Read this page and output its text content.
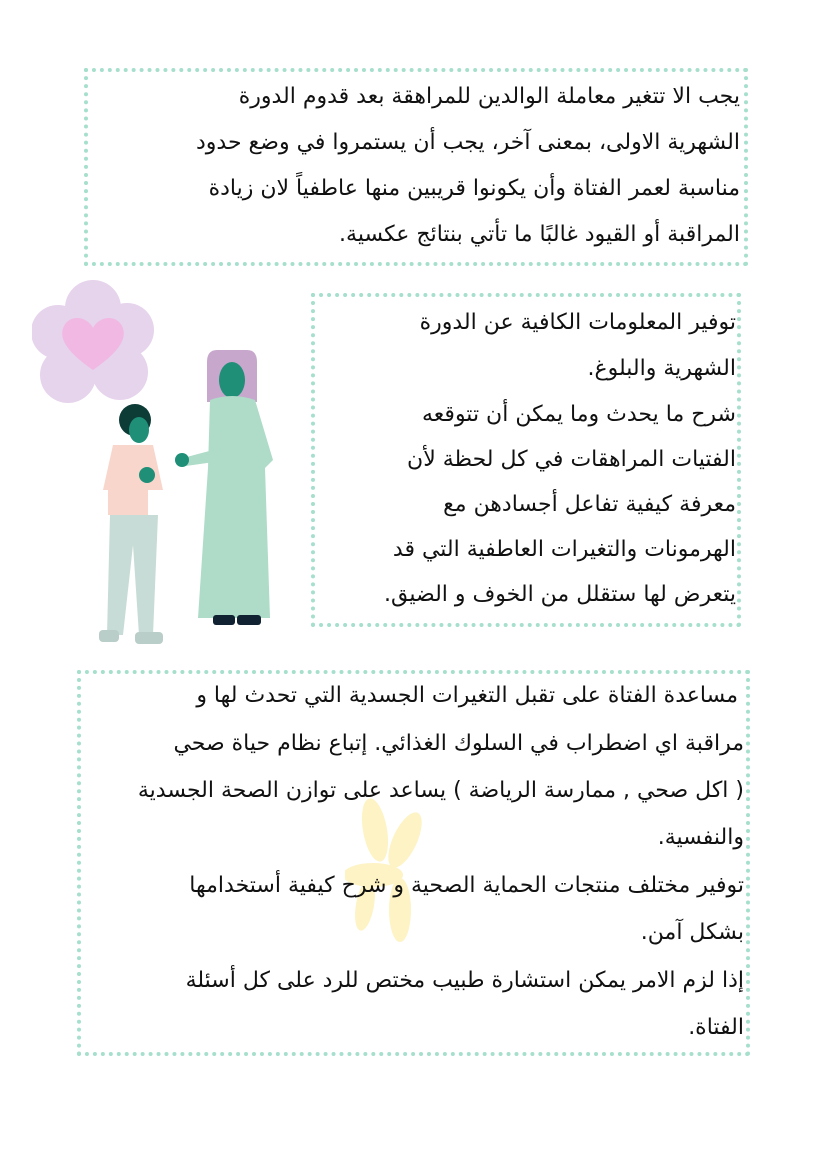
يجب الا تتغير معاملة الوالدين للمراهقة بعد قدوم الدورة
الشهرية الاولى، بمعنى آخر، يجب أن يستمروا في وضع حدود
مناسبة لعمر الفتاة وأن يكونوا قريبين منها عاطفياً لان زيادة
المراقبة أو القيود غالبًا ما تأتي بنتائج عكسية.
توفير المعلومات الكافية عن الدورة
الشهرية والبلوغ.
شرح ما يحدث وما يمكن أن تتوقعه
الفتيات المراهقات في كل لحظة لأن
معرفة كيفية تفاعل أجسادهن مع
الهرمونات والتغيرات العاطفية التي قد
يتعرض لها ستقلل من الخوف و الضيق.
مساعدة الفتاة على تقبل التغيرات الجسدية التي تحدث لها و
مراقبة اي اضطراب في السلوك الغذائي. إتباع نظام حياة صحي
( اكل صحي , ممارسة الرياضة ) يساعد على توازن الصحة الجسدية
والنفسية.
توفير مختلف منتجات الحماية الصحية و شرح كيفية أستخدامها
بشكل آمن.
إذا لزم الامر يمكن استشارة طبيب مختص للرد على كل أسئلة
الفتاة.
